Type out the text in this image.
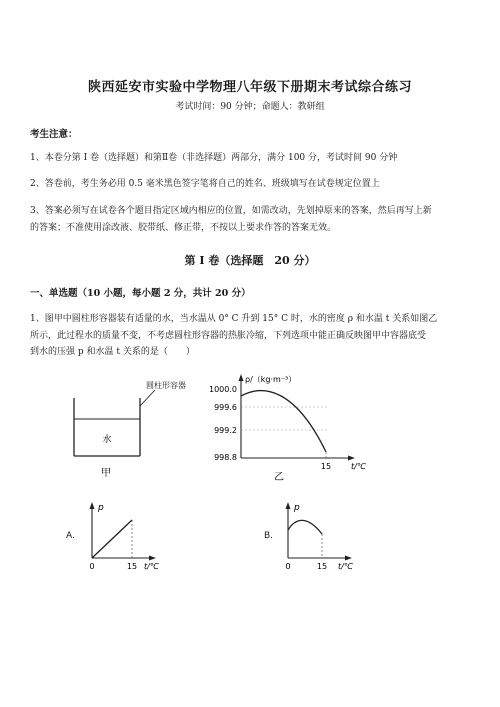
陕西延安市实验中学物理八年级下册期末考试综合练习
考试时间：90 分钟；命题人：教研组
考生注意：
1、本卷分第 I 卷（选择题）和第Ⅱ卷（非选择题）两部分，满分 100 分，考试时间 90 分钟
2、答卷前，考生务必用 0.5 毫米黑色签字笔将自己的姓名、班级填写在试卷规定位置上
3、答案必须写在试卷各个题目指定区域内相应的位置，如需改动，先划掉原来的答案，然后再写上新
的答案；不准使用涂改液、胶带纸、修正带，不按以上要求作答的答案无效。
第 I 卷（选择题　20 分）
一、单选题（10 小题，每小题 2 分，共计 20 分）
1、图甲中圆柱形容器装有适量的水，当水温从 0° C 升到 15° C 时，水的密度 ρ 和水温 t 关系如图乙
所示，此过程水的质量不变，不考虑圆柱形容器的热胀冷缩，下列选项中能正确反映图甲中容器底受
到水的压强 p 和水温 t 关系的是（　　）
水
甲
圆柱形容器
ρ/（kg·m⁻³）
1000.0
999.6
999.2
998.8
15 t/℃
乙
A.
p
0	15 t/℃
B.
p
0	15 t/℃
